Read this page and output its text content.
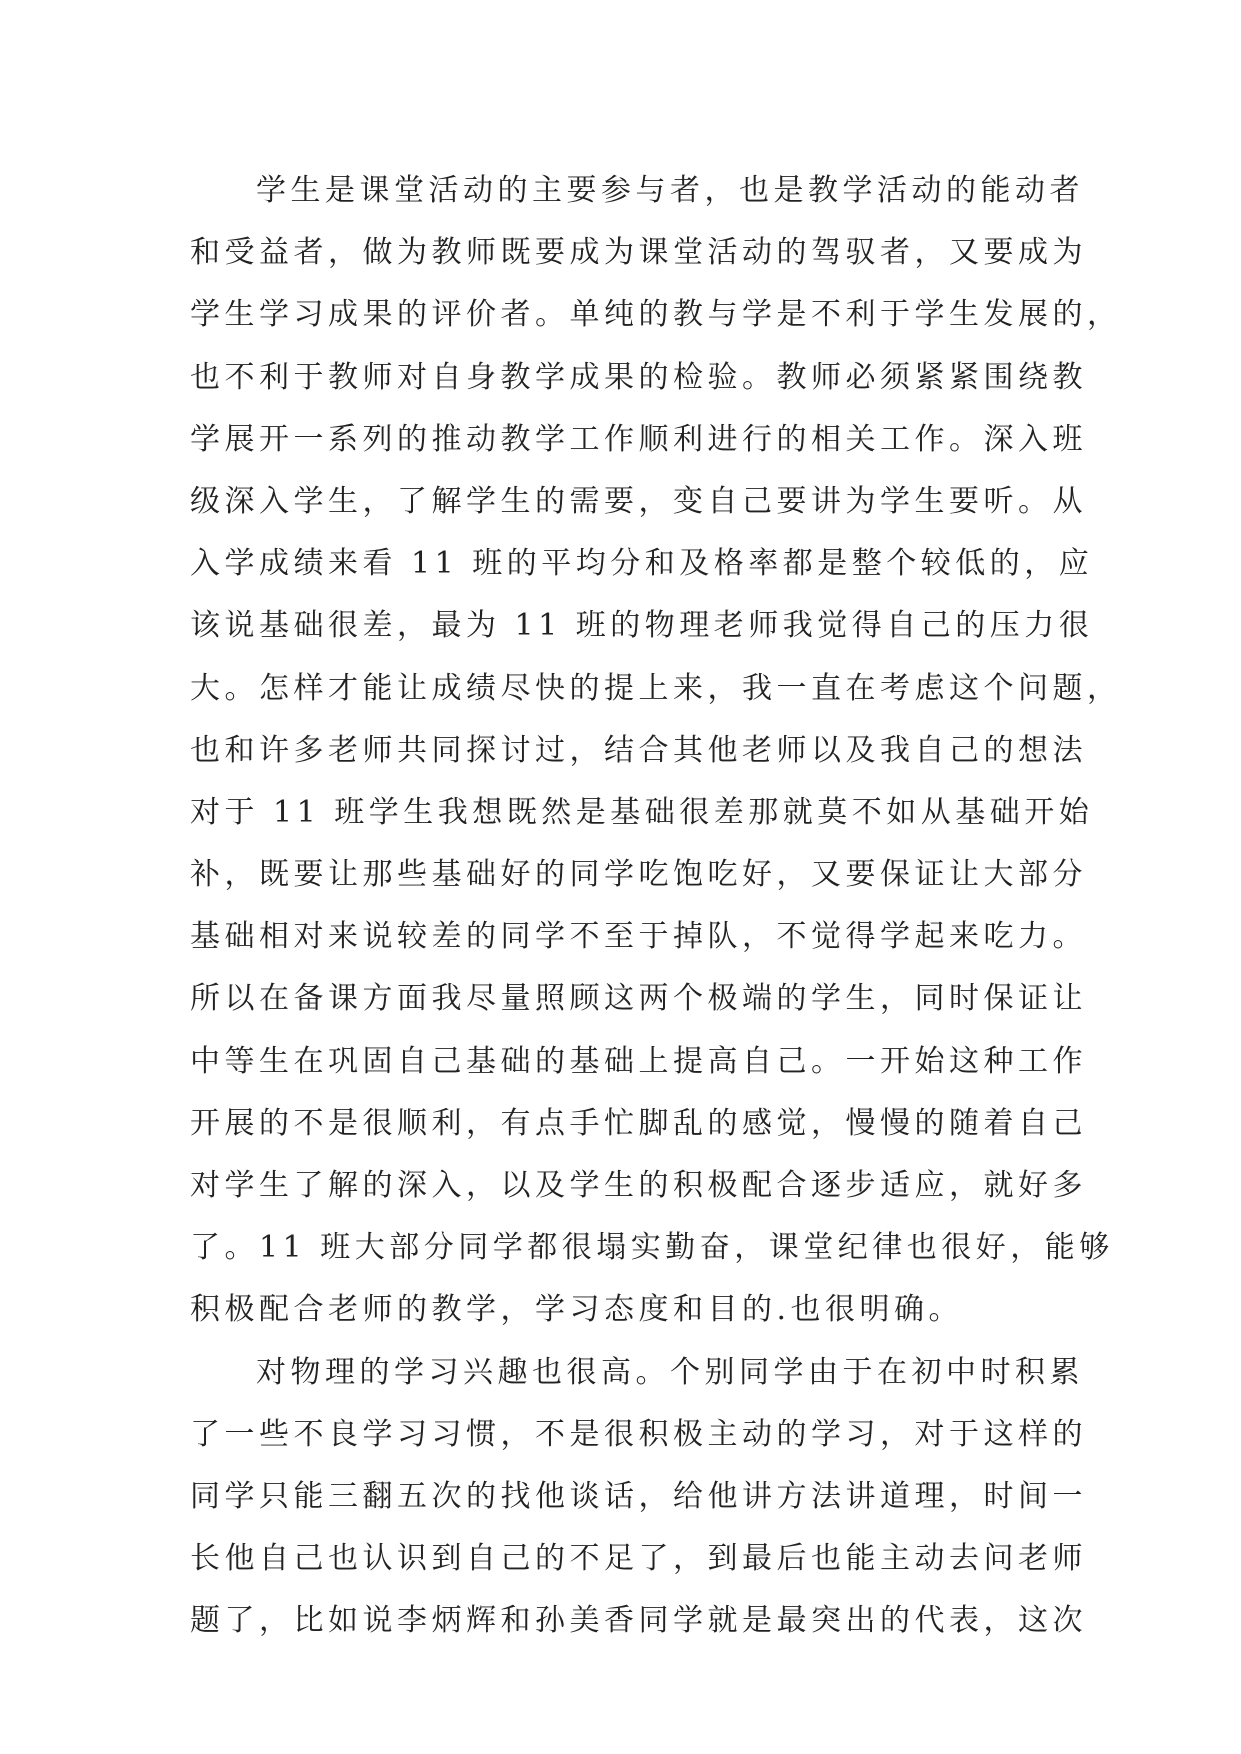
学生是课堂活动的主要参与者，也是教学活动的能动者
和受益者，做为教师既要成为课堂活动的驾驭者，又要成为
学生学习成果的评价者。单纯的教与学是不利于学生发展的，
也不利于教师对自身教学成果的检验。教师必须紧紧围绕教
学展开一系列的推动教学工作顺利进行的相关工作。深入班
级深入学生，了解学生的需要，变自己要讲为学生要听。从
入学成绩来看 11 班的平均分和及格率都是整个较低的，应
该说基础很差，最为 11 班的物理老师我觉得自己的压力很
大。怎样才能让成绩尽快的提上来，我一直在考虑这个问题，
也和许多老师共同探讨过，结合其他老师以及我自己的想法
对于 11 班学生我想既然是基础很差那就莫不如从基础开始
补，既要让那些基础好的同学吃饱吃好，又要保证让大部分
基础相对来说较差的同学不至于掉队，不觉得学起来吃力。
所以在备课方面我尽量照顾这两个极端的学生，同时保证让
中等生在巩固自己基础的基础上提高自己。一开始这种工作
开展的不是很顺利，有点手忙脚乱的感觉，慢慢的随着自己
对学生了解的深入，以及学生的积极配合逐步适应，就好多
了。11 班大部分同学都很塌实勤奋，课堂纪律也很好，能够
积极配合老师的教学，学习态度和目的.也很明确。
对物理的学习兴趣也很高。个别同学由于在初中时积累
了一些不良学习习惯，不是很积极主动的学习，对于这样的
同学只能三翻五次的找他谈话，给他讲方法讲道理，时间一
长他自己也认识到自己的不足了，到最后也能主动去问老师
题了，比如说李炳辉和孙美香同学就是最突出的代表，这次
